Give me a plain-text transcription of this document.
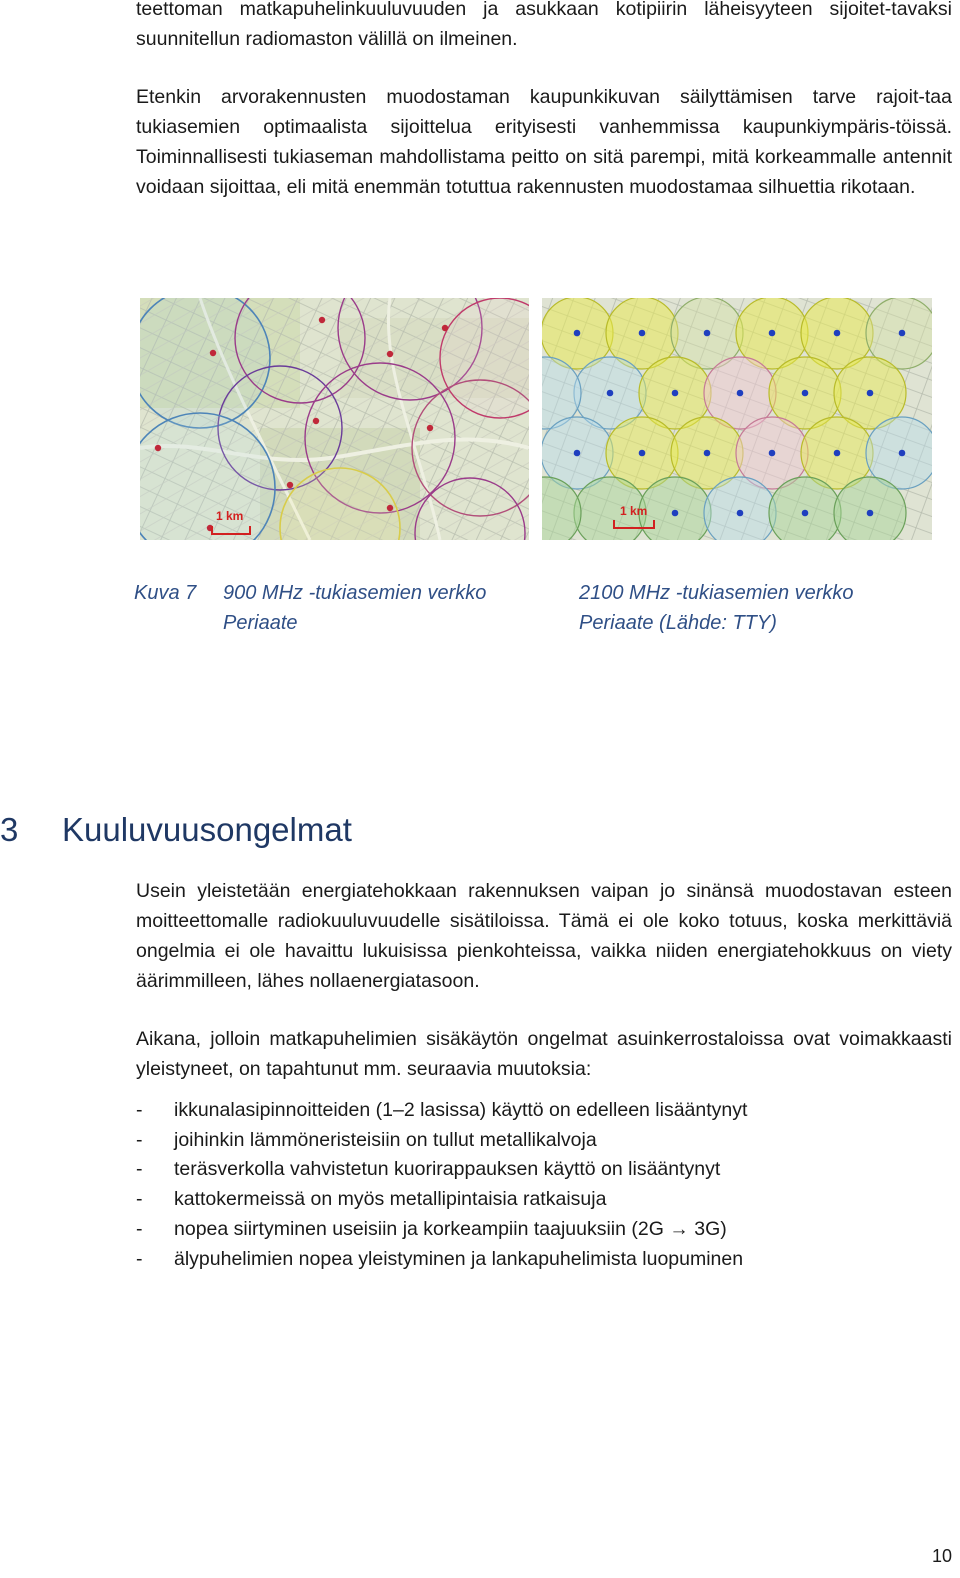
teettoman matkapuhelinkuuluvuuden ja asukkaan kotipiirin läheisyyteen sijoitet-tavaksi suunnitellun radiomaston välillä on ilmeinen.

Etenkin arvorakennusten muodostaman kaupunkikuvan säilyttämisen tarve rajoit-taa tukiasemien optimaalista sijoittelua erityisesti vanhemmissa kaupunkiympäris-töissä. Toiminnallisesti tukiaseman mahdollistama peitto on sitä parempi, mitä korkeammalle antennit voidaan sijoittaa, eli mitä enemmän totuttua rakennusten muodostamaa silhuettia rikotaan.

1 km	1 km
Kuva 7 900 MHz -tukiasemien verkko
Periaate
2100 MHz -tukiasemien verkko
Periaate (Lähde: TTY)
3 Kuuluvuusongelmat

Usein yleistetään energiatehokkaan rakennuksen vaipan jo sinänsä muodostavan esteen moitteettomalle radiokuuluvuudelle sisätiloissa. Tämä ei ole koko totuus, koska merkittäviä ongelmia ei ole havaittu lukuisissa pienkohteissa, vaikka niiden energiatehokkuus on viety äärimmilleen, lähes nollaenergiatasoon.

Aikana, jolloin matkapuhelimien sisäkäytön ongelmat asuinkerrostaloissa ovat voimakkaasti yleistyneet, on tapahtunut mm. seuraavia muutoksia:

- ikkunalasipinnoitteiden (1–2 lasissa) käyttö on edelleen lisääntynyt
- joihinkin lämmöneristeisiin on tullut metallikalvoja
- teräsverkolla vahvistetun kuorirappauksen käyttö on lisääntynyt
- kattokermeissä on myös metallipintaisia ratkaisuja
- nopea siirtyminen useisiin ja korkeampiin taajuuksiin (2G → 3G)
- älypuhelimien nopea yleistyminen ja lankapuhelimista luopuminen
10
